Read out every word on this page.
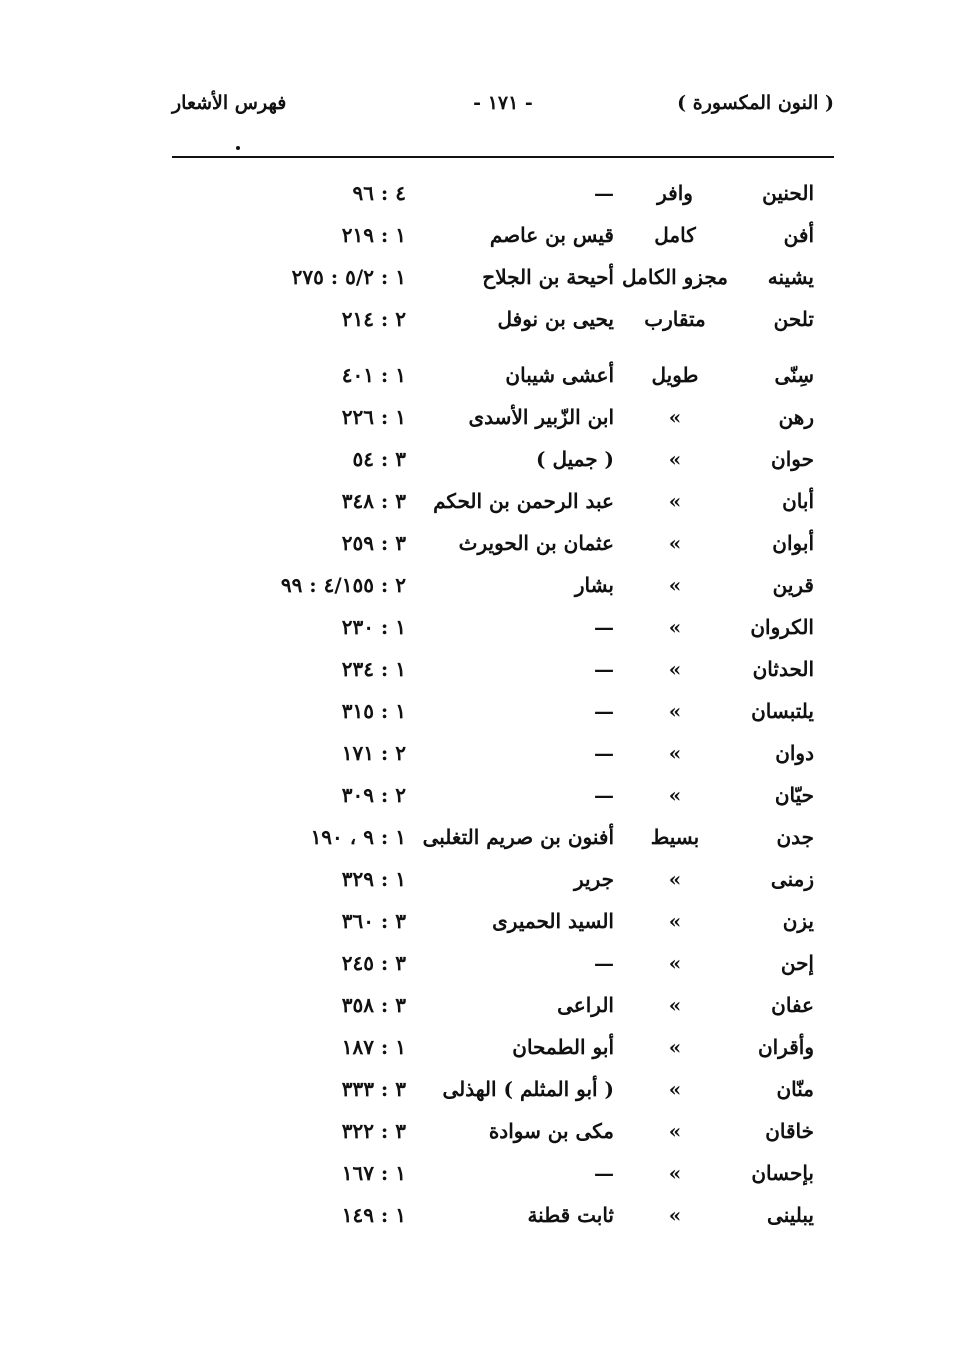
( النون المكسورة )
- ١٧١ -
فهرس الأشعار
الحنين
وافر
—
٤ : ٩٦
أفن
كامل
قيس بن عاصم
١ : ٢١٩
يشينه
مجزو الكامل
أحيحة بن الجلاح
١ : ٥/٢ : ٢٧٥
تلحن
متقارب
يحيى بن نوفل
٢ : ٢١٤
سِنّى
طويل
أعشى شيبان
١ : ٤٠١
رهن
»
ابن الزّبير الأسدى
١ : ٢٢٦
حوان
»
( جميل )
٣ : ٥٤
أبان
»
عبد الرحمن بن الحكم
٣ : ٣٤٨
أبوان
»
عثمان بن الحويرث
٣ : ٢٥٩
قرين
»
بشار
٢ : ٤/١٥٥ : ٩٩
الكروان
»
—
١ : ٢٣٠
الحدثان
»
—
١ : ٢٣٤
يلتبسان
»
—
١ : ٣١٥
دوان
»
—
٢ : ١٧١
حيّان
»
—
٢ : ٣٠٩
جدن
بسيط
أفنون بن صريم التغلبى
١ : ٩ ، ١٩٠
زمنى
»
جرير
١ : ٣٢٩
يزن
»
السيد الحميرى
٣ : ٣٦٠
إحن
»
—
٣ : ٢٤٥
عفان
»
الراعى
٣ : ٣٥٨
وأقران
»
أبو الطمحان
١ : ١٨٧
منّان
»
( أبو المثلم ) الهذلى
٣ : ٣٣٣
خاقان
»
مكى بن سوادة
٣ : ٣٢٢
بإحسان
»
—
١ : ١٦٧
يبلينى
»
ثابت قطنة
١ : ١٤٩
